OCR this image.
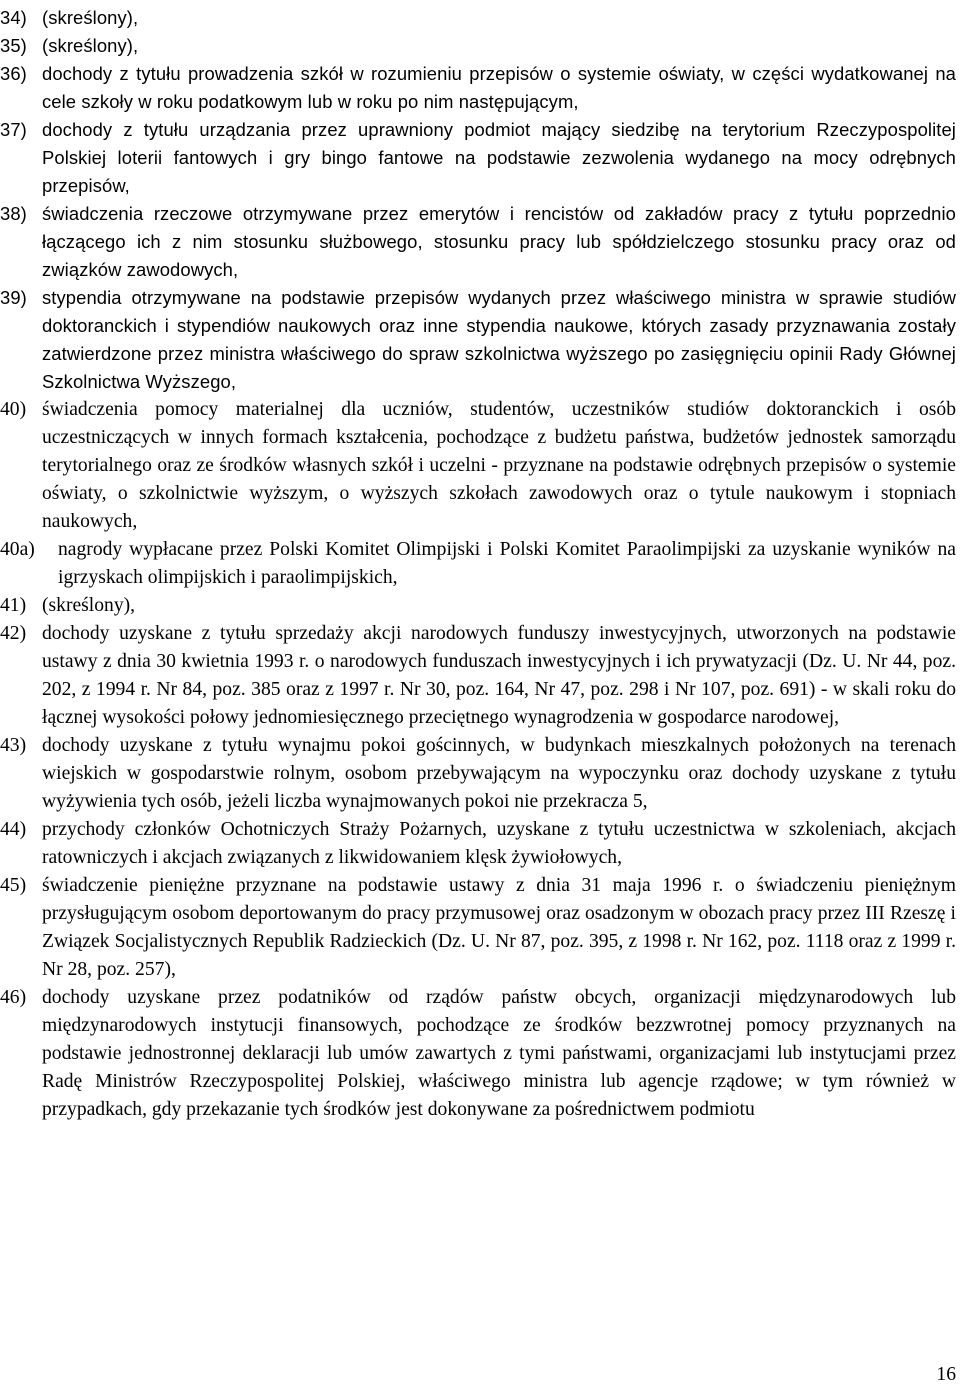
34) (skreślony),
35) (skreślony),
36) dochody z tytułu prowadzenia szkół w rozumieniu przepisów o systemie oświaty, w części wydatkowanej na cele szkoły w roku podatkowym lub w roku po nim następującym,
37) dochody z tytułu urządzania przez uprawniony podmiot mający siedzibę na terytorium Rzeczypospolitej Polskiej loterii fantowych i gry bingo fantowe na podstawie zezwolenia wydanego na mocy odrębnych przepisów,
38) świadczenia rzeczowe otrzymywane przez emerytów i rencistów od zakładów pracy z tytułu poprzednio łączącego ich z nim stosunku służbowego, stosunku pracy lub spółdzielczego stosunku pracy oraz od związków zawodowych,
39) stypendia otrzymywane na podstawie przepisów wydanych przez właściwego ministra w sprawie studiów doktoranckich i stypendiów naukowych oraz inne stypendia naukowe, których zasady przyznawania zostały zatwierdzone przez ministra właściwego do spraw szkolnictwa wyższego po zasięgnięciu opinii Rady Głównej Szkolnictwa Wyższego,
40) świadczenia pomocy materialnej dla uczniów, studentów, uczestników studiów doktoranckich i osób uczestniczących w innych formach kształcenia, pochodzące z budżetu państwa, budżetów jednostek samorządu terytorialnego oraz ze środków własnych szkół i uczelni - przyznane na podstawie odrębnych przepisów o systemie oświaty, o szkolnictwie wyższym, o wyższych szkołach zawodowych oraz o tytule naukowym i stopniach naukowych,
40a)	nagrody wypłacane przez Polski Komitet Olimpijski i Polski Komitet Paraolimpijski za uzyskanie wyników na igrzyskach olimpijskich i paraolimpijskich,
41) (skreślony),
42) dochody uzyskane z tytułu sprzedaży akcji narodowych funduszy inwestycyjnych, utworzonych na podstawie ustawy z dnia 30 kwietnia 1993 r. o narodowych funduszach inwestycyjnych i ich prywatyzacji (Dz. U. Nr 44, poz. 202, z 1994 r. Nr 84, poz. 385 oraz z 1997 r. Nr 30, poz. 164, Nr 47, poz. 298 i Nr 107, poz. 691) - w skali roku do łącznej wysokości połowy jednomiesięcznego przeciętnego wynagrodzenia w gospodarce narodowej,
43) dochody uzyskane z tytułu wynajmu pokoi gościnnych, w budynkach mieszkalnych położonych na terenach wiejskich w gospodarstwie rolnym, osobom przebywającym na wypoczynku oraz dochody uzyskane z tytułu wyżywienia tych osób, jeżeli liczba wynajmowanych pokoi nie przekracza 5,
44) przychody członków Ochotniczych Straży Pożarnych, uzyskane z tytułu uczestnictwa w szkoleniach, akcjach ratowniczych i akcjach związanych z likwidowaniem klęsk żywiołowych,
45) świadczenie pieniężne przyznane na podstawie ustawy z dnia 31 maja 1996 r. o świadczeniu pieniężnym przysługującym osobom deportowanym do pracy przymusowej oraz osadzonym w obozach pracy przez III Rzeszę i Związek Socjalistycznych Republik Radzieckich (Dz. U. Nr 87, poz. 395, z 1998 r. Nr 162, poz. 1118 oraz z 1999 r. Nr 28, poz. 257),
46) dochody uzyskane przez podatników od rządów państw obcych, organizacji międzynarodowych lub międzynarodowych instytucji finansowych, pochodzące ze środków bezzwrotnej pomocy przyznanych na podstawie jednostronnej deklaracji lub umów zawartych z tymi państwami, organizacjami lub instytucjami przez Radę Ministrów Rzeczypospolitej Polskiej, właściwego ministra lub agencje rządowe; w tym również w przypadkach, gdy przekazanie tych środków jest dokonywane za pośrednictwem podmiotu
16
